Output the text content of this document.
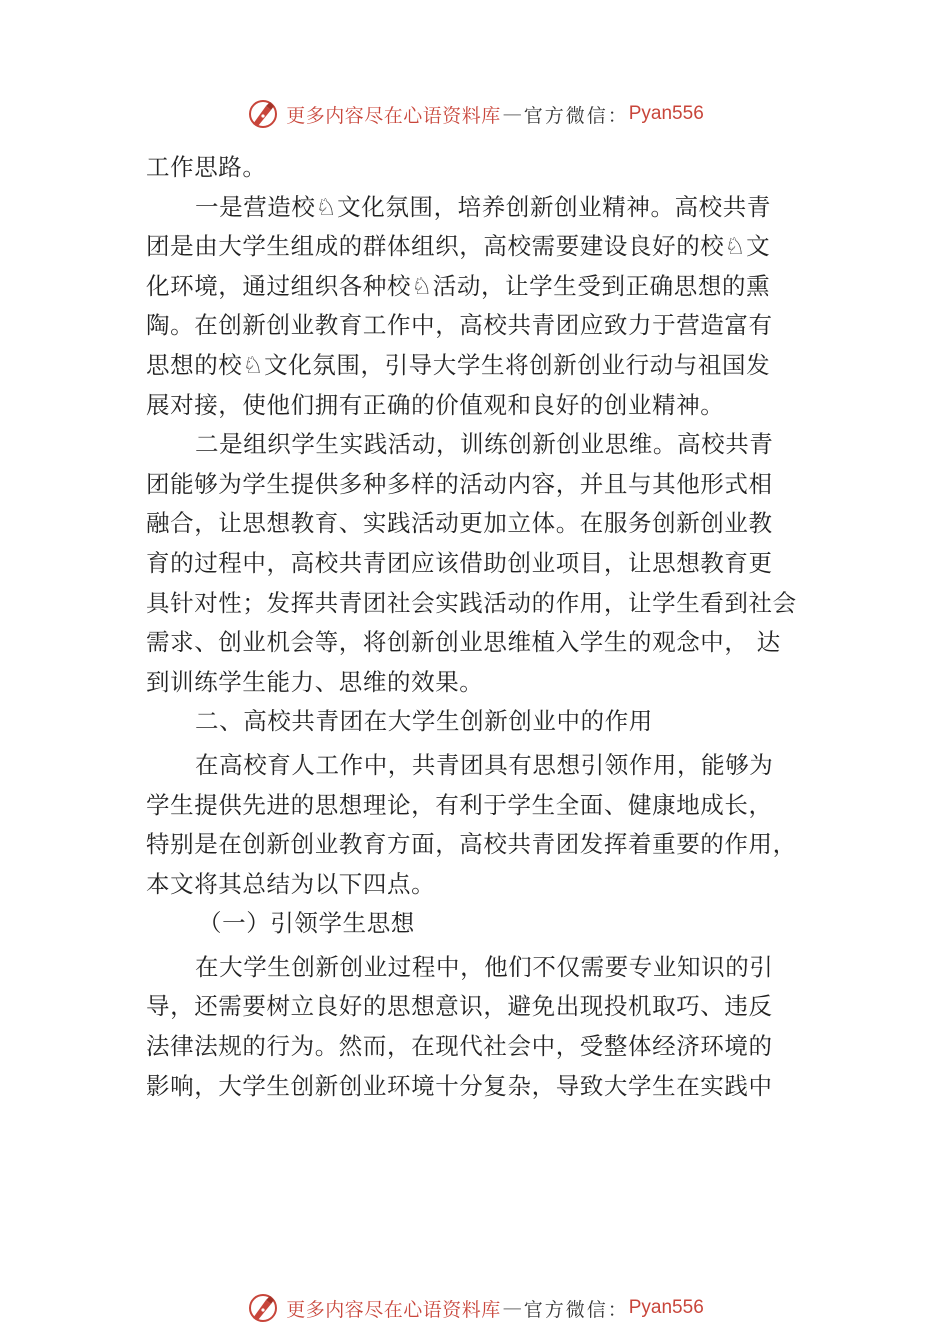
更多内容尽在心语资料库 — 官方微信： Pyan556
工作思路。
一是营造校♘文化氛围，培养创新创业精神。高校共青
团是由大学生组成的群体组织，高校需要建设良好的校♘文
化环境，通过组织各种校♘活动，让学生受到正确思想的熏
陶。在创新创业教育工作中，高校共青团应致力于营造富有
思想的校♘文化氛围，引导大学生将创新创业行动与祖国发
展对接，使他们拥有正确的价值观和良好的创业精神。
二是组织学生实践活动，训练创新创业思维。高校共青
团能够为学生提供多种多样的活动内容，并且与其他形式相
融合，让思想教育、实践活动更加立体。在服务创新创业教
育的过程中，高校共青团应该借助创业项目，让思想教育更
具针对性；发挥共青团社会实践活动的作用，让学生看到社会
需求、创业机会等，将创新创业思维植入学生的观念中， 达
到训练学生能力、思维的效果。
二、高校共青团在大学生创新创业中的作用
在高校育人工作中，共青团具有思想引领作用，能够为
学生提供先进的思想理论，有利于学生全面、健康地成长，
特别是在创新创业教育方面，高校共青团发挥着重要的作用，
本文将其总结为以下四点。
（一）引领学生思想
在大学生创新创业过程中，他们不仅需要专业知识的引
导，还需要树立良好的思想意识，避免出现投机取巧、违反
法律法规的行为。然而，在现代社会中，受整体经济环境的
影响，大学生创新创业环境十分复杂，导致大学生在实践中
更多内容尽在心语资料库 — 官方微信： Pyan556
